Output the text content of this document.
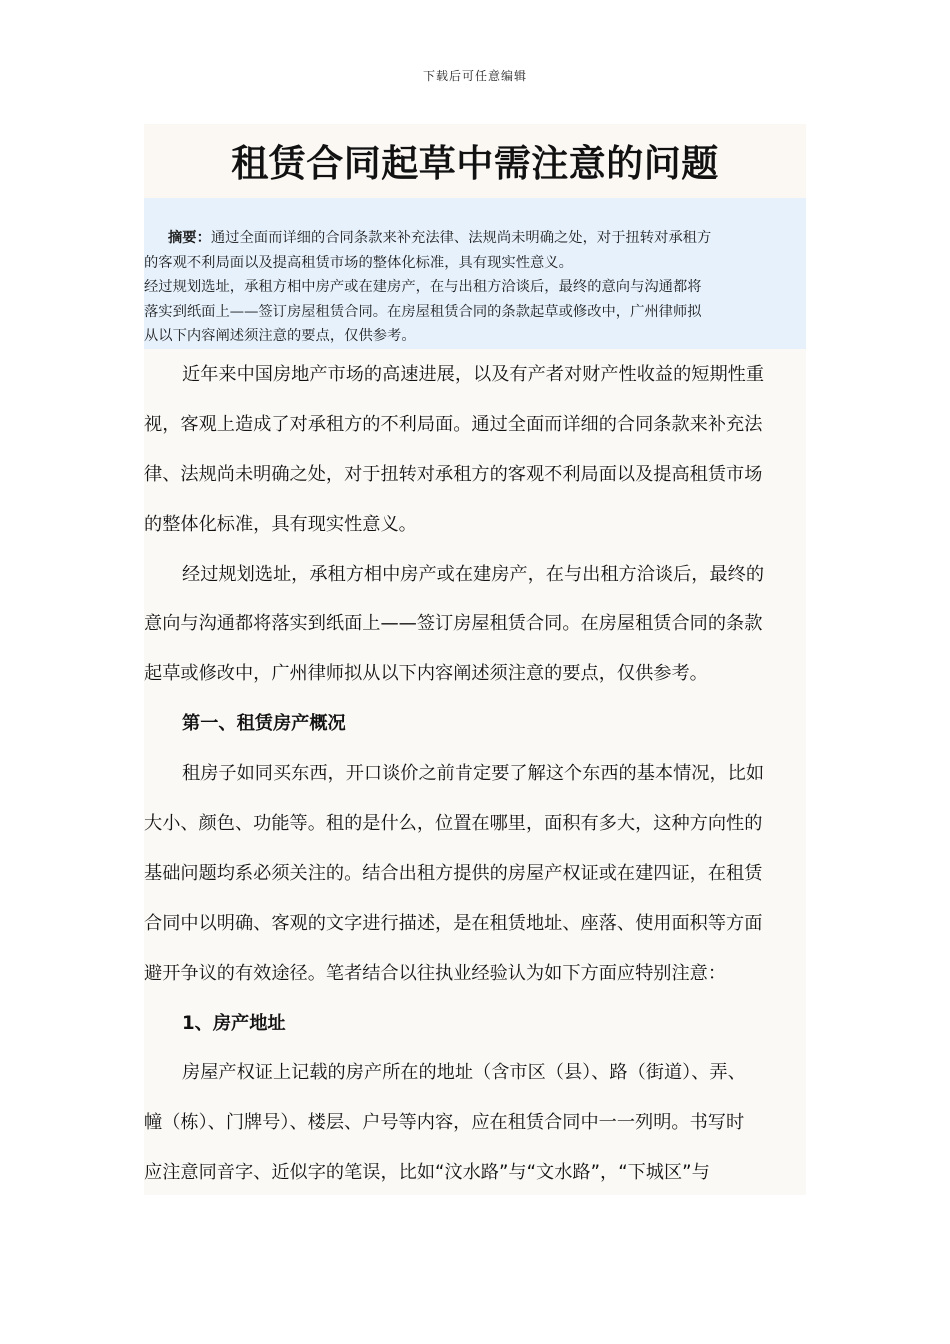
下载后可任意编辑
租赁合同起草中需注意的问题
摘要：通过全面而详细的合同条款来补充法律、法规尚未明确之处，对于扭转对承租方
的客观不利局面以及提高租赁市场的整体化标准，具有现实性意义。
经过规划选址，承租方相中房产或在建房产，在与出租方洽谈后，最终的意向与沟通都将
落实到纸面上——签订房屋租赁合同。在房屋租赁合同的条款起草或修改中，广州律师拟
从以下内容阐述须注意的要点，仅供参考。
近年来中国房地产市场的高速进展，以及有产者对财产性收益的短期性重
视，客观上造成了对承租方的不利局面。通过全面而详细的合同条款来补充法
律、法规尚未明确之处，对于扭转对承租方的客观不利局面以及提高租赁市场
的整体化标准，具有现实性意义。
经过规划选址，承租方相中房产或在建房产，在与出租方洽谈后，最终的
意向与沟通都将落实到纸面上——签订房屋租赁合同。在房屋租赁合同的条款
起草或修改中，广州律师拟从以下内容阐述须注意的要点，仅供参考。
第一、租赁房产概况
租房子如同买东西，开口谈价之前肯定要了解这个东西的基本情况，比如
大小、颜色、功能等。租的是什么，位置在哪里，面积有多大，这种方向性的
基础问题均系必须关注的。结合出租方提供的房屋产权证或在建四证，在租赁
合同中以明确、客观的文字进行描述，是在租赁地址、座落、使用面积等方面
避开争议的有效途径。笔者结合以往执业经验认为如下方面应特别注意：
1、房产地址
房屋产权证上记载的房产所在的地址（含市区（县）、路（街道）、弄、
幢（栋）、门牌号）、楼层、户号等内容，应在租赁合同中一一列明。书写时
应注意同音字、近似字的笔误，比如“汶水路”与“文水路”，“下城区”与
